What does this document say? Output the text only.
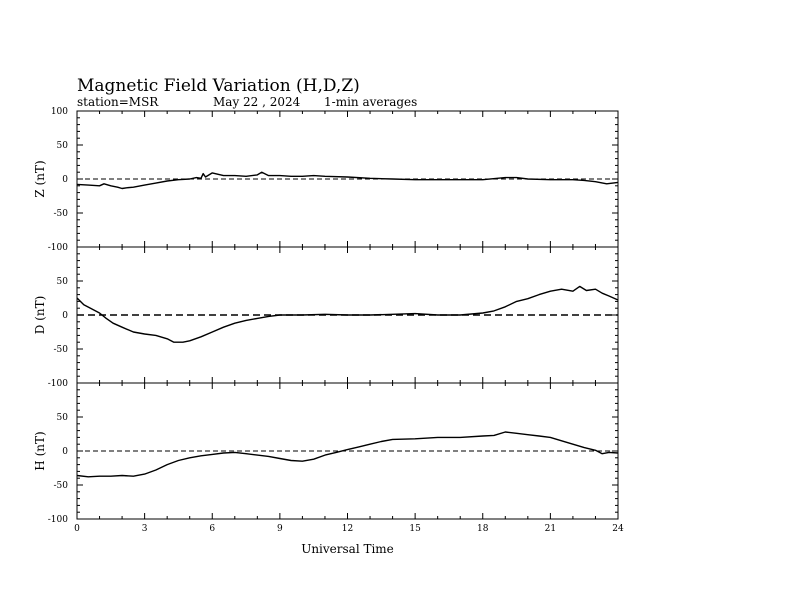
Magnetic Field Variation (H,D,Z)
station=MSR	May 22 , 2024 1-min averages
100
50
0
-50
-100
Z (nT)
50
0
-50
-100
D (nT)
50
0
-50
-100
H (nT)
0	3	6	9	12	15	18	21	24
Universal Time
